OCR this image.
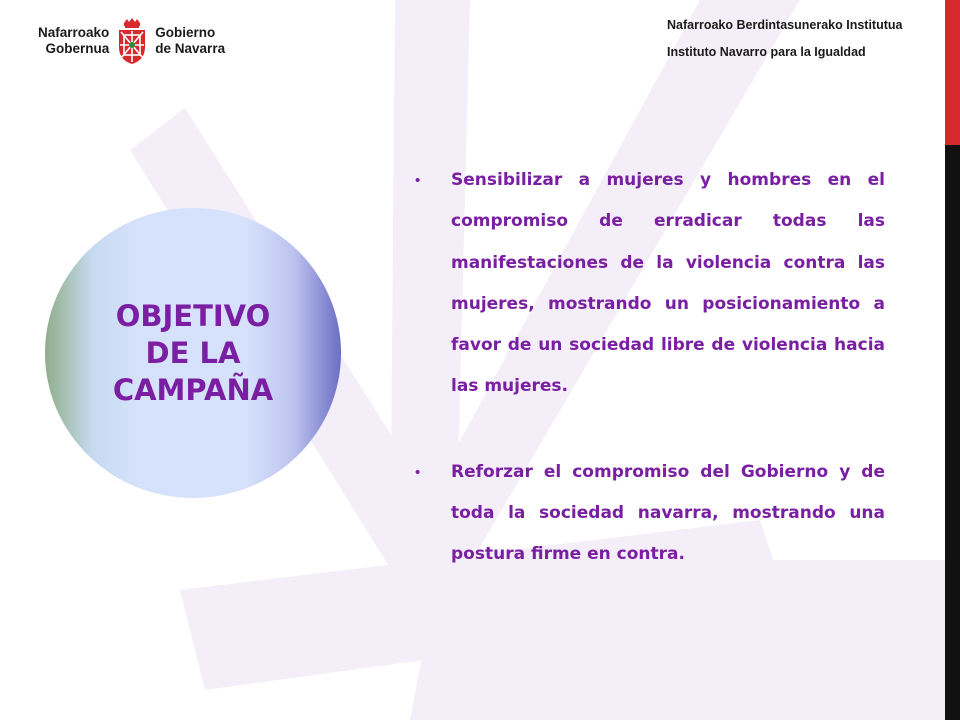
Nafarroako
Gobernua
Gobierno
de Navarra
Nafarroako Berdintasunerako Institutua
Instituto Navarro para la Igualdad
OBJETIVO
DE LA
CAMPAÑA
• Sensibilizar a mujeres y hombres en el compromiso de erradicar todas las manifestaciones de la violencia contra las mujeres, mostrando un posicionamiento a favor de un sociedad libre de violencia hacia las mujeres.
• Reforzar el compromiso del Gobierno y de toda la sociedad navarra, mostrando una postura firme en contra.
